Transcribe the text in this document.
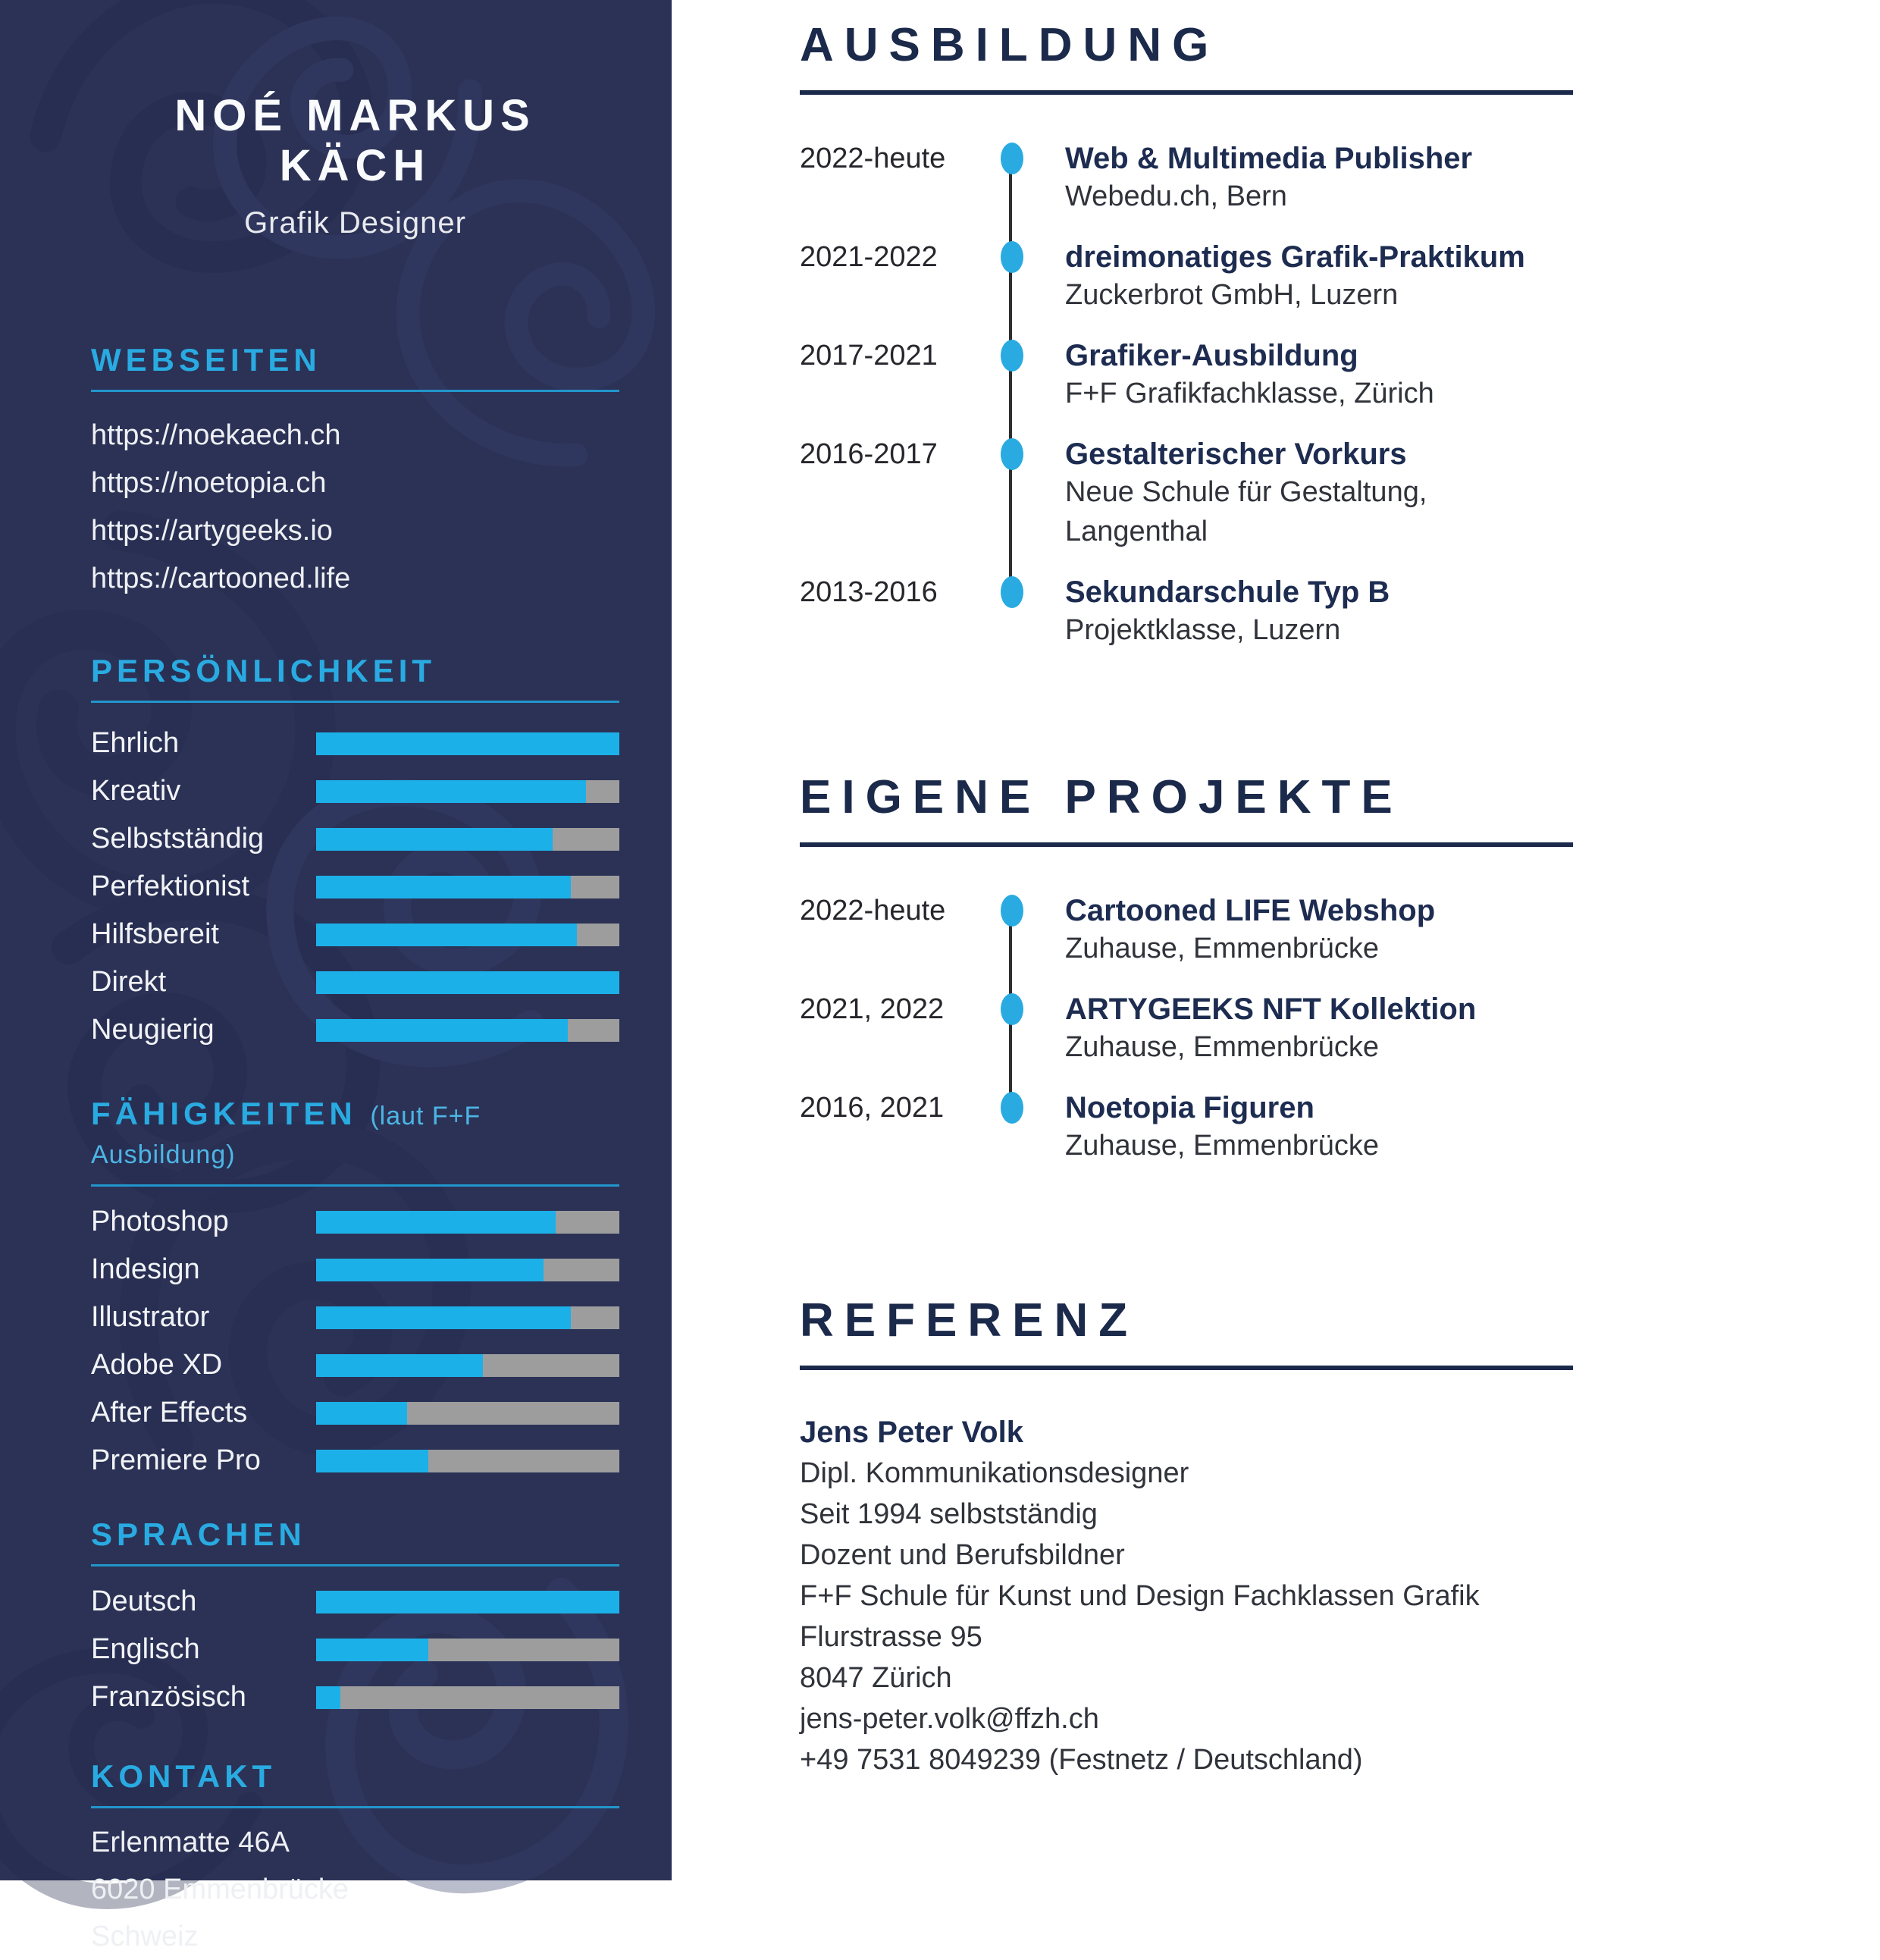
NOÉ MARKUS KÄCH
Grafik Designer
WEBSEITEN
https://noekaech.ch
https://noetopia.ch
https://artygeeks.io
https://cartooned.life
PERSÖNLICHKEIT
Ehrlich
Kreativ
Selbstständig
Perfektionist
Hilfsbereit
Direkt
Neugierig
FÄHIGKEITEN (laut F+F Ausbildung)
Photoshop
Indesign
Illustrator
Adobe XD
After Effects
Premiere Pro
SPRACHEN
Deutsch
Englisch
Französisch
KONTAKT
Erlenmatte 46A
6020 Emmenbrücke
Schweiz
AUSBILDUNG
2022-heute	Web & Multimedia Publisher
Webedu.ch, Bern
2021-2022	dreimonatiges Grafik-Praktikum
Zuckerbrot GmbH, Luzern
2017-2021	Grafiker-Ausbildung
F+F Grafikfachklasse, Zürich
2016-2017	Gestalterischer Vorkurs
Neue Schule für Gestaltung,
Langenthal
2013-2016	Sekundarschule Typ B
Projektklasse, Luzern
EIGENE PROJEKTE
2022-heute	Cartooned LIFE Webshop
Zuhause, Emmenbrücke
2021, 2022	ARTYGEEKS NFT Kollektion
Zuhause, Emmenbrücke
2016, 2021	Noetopia Figuren
Zuhause, Emmenbrücke
REFERENZ
Jens Peter Volk
Dipl. Kommunikationsdesigner
Seit 1994 selbstständig
Dozent und Berufsbildner
F+F Schule für Kunst und Design Fachklassen Grafik
Flurstrasse 95
8047 Zürich
jens-peter.volk@ffzh.ch
+49 7531 8049239 (Festnetz / Deutschland)
